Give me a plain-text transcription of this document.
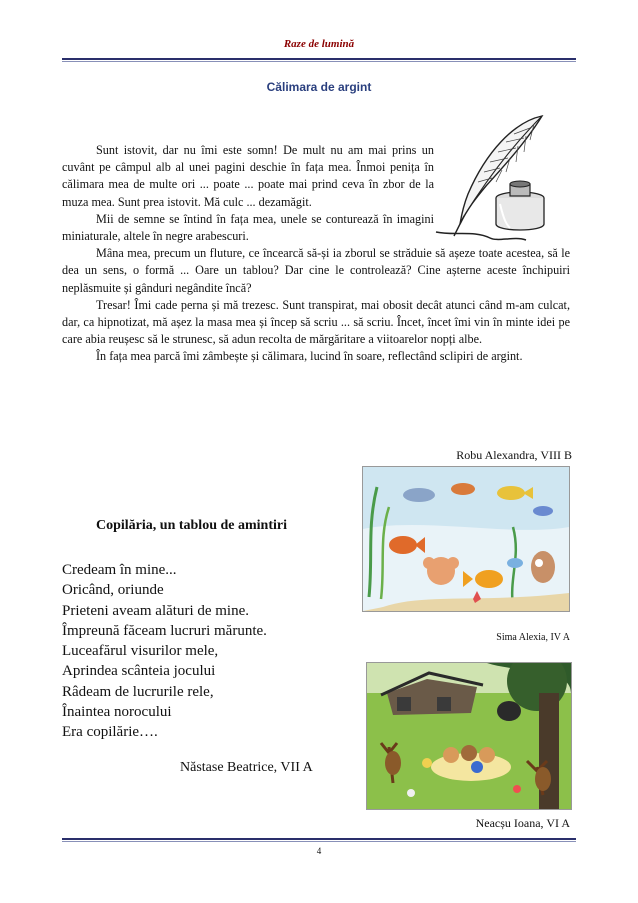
Raze de lumină
Călimara de argint

Sunt istovit, dar nu îmi este somn! De mult nu am mai prins un cuvânt pe câmpul alb al unei pagini deschie în fața mea. Înmoi penița în călimara mea de multe ori ... poate ... poate mai prind ceva în zbor de la muza mea. Sunt prea istovit. Mă culc ... dezamăgit.

Mii de semne se întind în fața mea, unele se conturează în imagini miniaturale, altele în negre arabescuri.

Mâna mea, precum un fluture, ce încearcă să-și ia zborul se străduie să așeze toate acestea, să le dea un sens, o formă ... Oare un tablou? Dar cine le controlează? Cine așterne aceste închipuiri neplăsmuite și gânduri negândite încă?

Tresar! Îmi cade perna și mă trezesc. Sunt transpirat, mai obosit decât atunci când m-am culcat, dar, ca hipnotizat, mă așez la masa mea și încep să scriu ... să scriu. Încet, încet îmi vin în minte idei pe care abia reușesc să le strunesc, să adun recolta de mărgăritare a viitoarelor nopți albe.

În fața mea parcă îmi zâmbește și călimara, lucind în soare, reflectând sclipiri de argint.

Robu Alexandra, VIII B
Sima Alexia, IV A
Copilăria, un tablou de amintiri
Credeam în mine...
Oricând, oriunde
Prieteni aveam alături de mine.
Împreună făceam lucruri mărunte.
Luceafărul visurilor mele,
Aprindea scânteia jocului
Râdeam de lucrurile rele,
Înaintea norocului
Era copilărie….
Năstase Beatrice, VII A
Neacșu Ioana, VI A
4
